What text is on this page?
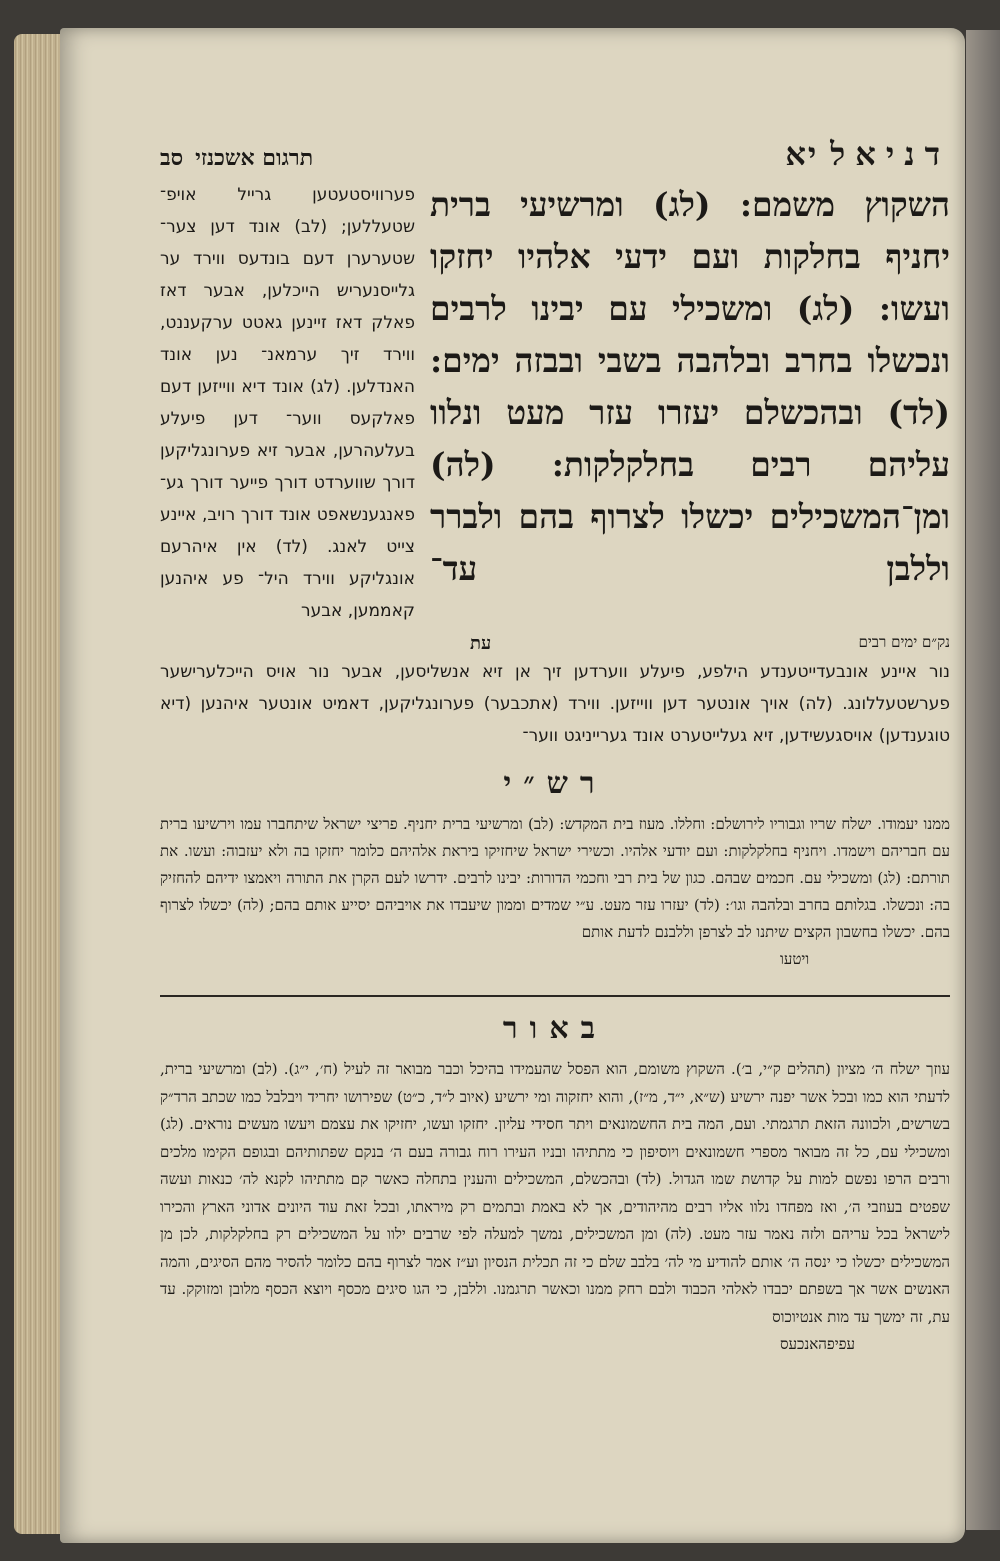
דניאליא
תרגום אשכנזיסב
השקוץ משמם: (לג) ומרשיעי ברית יחניף בחלקות ועם ידעי אלהיו יחזקו ועשו: (לג) ומשכילי עם יבינו לרבים ונכשלו בחרב ובלהבה בשבי ובבזה ימים: (לד) ובהכשלם יעזרו עזר מעט ונלוו עליהם רבים בחלקלקות: (לה) ומן־המשכילים יכשלו לצרוף בהם ולברר וללבן עד־
פערוויסטעטען גרייל אויפ־ שטעללען; (לב) אונד דען צער־ שטערערן דעם בונדעס ווירד ער גלייסנעריש הייכלען, אבער דאז פאלק דאז זיינען גאטט ערקעננט, ווירד זיך ערמאנ־ נען אונד האנדלען. (לג) אונד דיא ווייזען דעם פאלקעס ווער־ דען פיעלע בעלעהרען, אבער זיא פערונגליקען דורך שווערדט דורך פייער דורך גע־ פאנגענשאפט אונד דורך רויב, איינע צייט לאנג. (לד) אין איהרעם אונגליקע ווירד היל־ פע איהנען קאממען, אבער
נק״ם ימים רבים
עת
נור איינע אונבעדייטענדע הילפע, פיעלע ווערדען זיך אן זיא אנשליסען, אבער נור אויס הייכלערישער פערשטעללונג. (לה) אויך אונטער דען ווייזען. ווירד (אתכבער) פערונגליקען, דאמיט אונטער איהנען (דיא טוגענדען) אויסגעשידען, זיא געלייטערט אונד גערייניגט ווער־
רש״י
ממנו יעמודו. ישלח שריו וגבוריו לירושלם: וחללו. מעוז בית המקדש: (לב) ומרשיעי ברית יחניף. פריצי ישראל שיתחברו עמו וירשיעו ברית עם חבריהם וישמדו. ויחניף בחלקלקות: ועם יודעי אלהיו. וכשירי ישראל שיחזיקו ביראת אלהיהם כלומר יחזקו בה ולא יעזבוה: ועשו. את תורתם: (לג) ומשכילי עם. חכמים שבהם. כגון של בית רבי וחכמי הדורות: יבינו לרבים. ידרשו לעם הקרן את התורה ויאמצו ידיהם להחזיק בה: ונכשלו. בגלותם בחרב ובלהבה וגו׳: (לד) יעזרו עזר מעט. ע״י שמדים וממון שיעבדו את אויביהם יסייע אותם בהם; (לה) יכשלו לצרוף בהם. יכשלו בחשבון הקצים שיתנו לב לצרפן וללבנם לדעת אותם
ויטעו
באור
עוזך ישלח ה׳ מציון (תהלים ק״י, ב׳). השקוץ משומם, הוא הפסל שהעמידו בהיכל וכבר מבואר זה לעיל (ח׳, י״ג). (לב) ומרשיעי ברית, לדעתי הוא כמו ובכל אשר יפנה ירשיע (ש״א, י״ד, מ״ז), והוא יחזקוה ומי ירשיע (איוב ל״ד, כ״ט) שפירושו יחריד ויבלבל כמו שכתב הרד״ק בשרשים, ולכוונה הזאת תרגמתי. ועם, המה בית החשמונאים ויתר חסידי עליון. יחזקו ועשו, יחזיקו את עצמם ויעשו מעשים נוראים. (לג) ומשכילי עם, כל זה מבואר מספרי חשמונאים ויוסיפון כי מתתיהו ובניו העירו רוח גבורה בעם ה׳ בנקם שפתותיהם ובגופם הקימו מלכים ורבים הרפו נפשם למות על קדושת שמו הגדול. (לד) ובהכשלם, המשכילים והענין בתחלה כאשר קם מתתיהו לקנא לה׳ כנאות ועשה שפטים בעוזבי ה׳, ואז מפחדו נלוו אליו רבים מהיהודים, אך לא באמת ובתמים רק מיראתו, ובכל זאת עוד היונים אדוני הארץ והכירו לישראל בכל עריהם ולזה נאמר עזר מעט. (לה) ומן המשכילים, נמשך למעלה לפי שרבים ילוו על המשכילים רק בחלקלקות, לכן מן המשכילים יכשלו כי ינסה ה׳ אותם להודיע מי לה׳ בלבב שלם כי זה תכלית הנסיון וע״ז אמר לצרוף בהם כלומר להסיר מהם הסיגים, והמה האנשים אשר אך בשפתם יכבדו לאלהי הכבוד ולבם רחק ממנו וכאשר תרגמנו. וללבן, כי הגו סיגים מכסף ויוצא הכסף מלובן ומזוקק. עד עת, זה ימשך עד מות אנטיוכוס
עפיפהאנכעס
